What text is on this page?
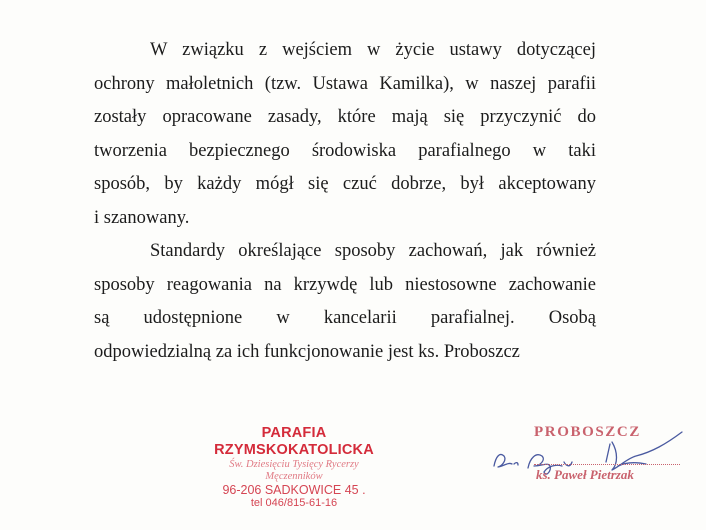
W związku z wejściem w życie ustawy dotyczącej
ochrony małoletnich (tzw. Ustawa Kamilka), w naszej parafii
zostały opracowane zasady, które mają się przyczynić do
tworzenia bezpiecznego środowiska parafialnego w taki
sposób, by każdy mógł się czuć dobrze, był akceptowany
i szanowany.
Standardy określające sposoby zachowań, jak również
sposoby reagowania na krzywdę lub niestosowne zachowanie
są udostępnione w kancelarii parafialnej. Osobą
odpowiedzialną za ich funkcjonowanie jest ks. Proboszcz
PARAFIA RZYMSKOKATOLICKA
Św. Dziesięciu Tysięcy Rycerzy
Męczenników
96-206 SADKOWICE 45 .
tel 046/815-61-16
PROBOSZCZ
ks. Paweł Pietrzak
